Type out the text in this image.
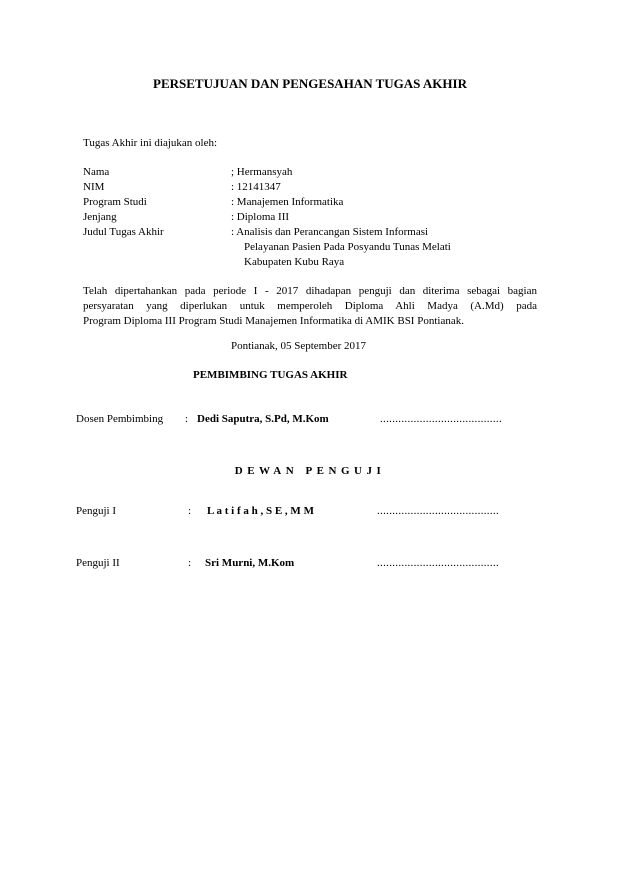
PERSETUJUAN DAN PENGESAHAN TUGAS AKHIR
Tugas Akhir ini diajukan oleh:
Nama	; Hermansyah
NIM	: 12141347
Program Studi	: Manajemen Informatika
Jenjang	: Diploma III
Judul Tugas Akhir	: Analisis dan Perancangan Sistem Informasi
Pelayanan Pasien Pada Posyandu Tunas Melati
Kabupaten Kubu Raya
Telah dipertahankan pada periode I - 2017 dihadapan penguji dan diterima sebagai bagian
persyaratan yang diperlukan untuk memperoleh Diploma Ahli Madya (A.Md) pada
Program Diploma III Program Studi Manajemen Informatika di AMIK BSI Pontianak.
Pontianak, 05 September 2017
PEMBIMBING TUGAS AKHIR
Dosen Pembimbing : Dedi Saputra, S.Pd, M.Kom	........................................
DEWAN PENGUJI
Penguji I	: L a t i f a h , S E , M M	........................................
Penguji II	: Sri Murni, M.Kom	........................................
